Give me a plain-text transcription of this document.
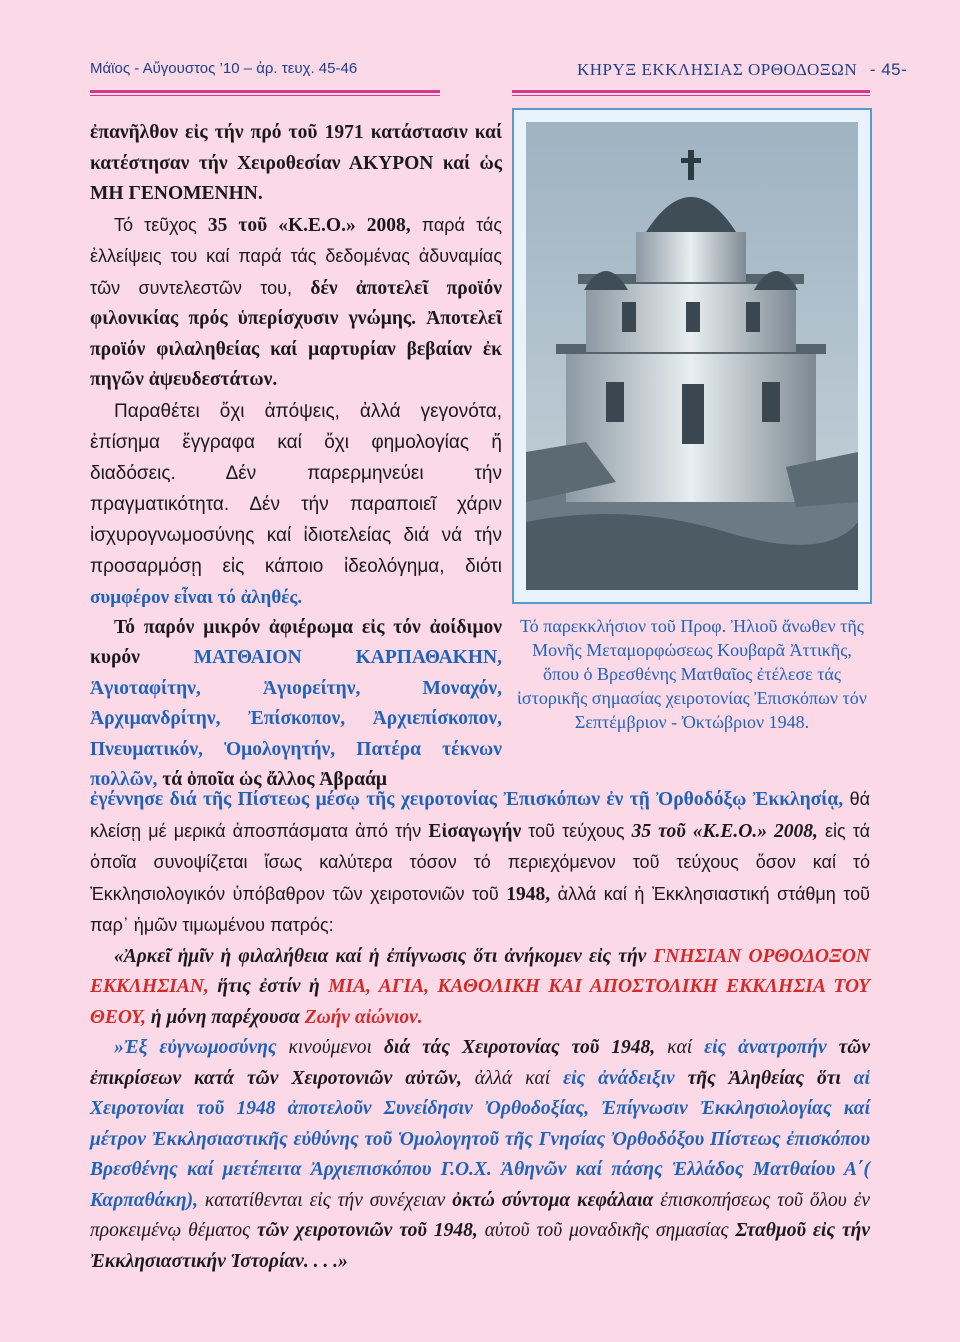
Μάϊος - Αὔγουστος ’10 – ἀρ. τευχ. 45-46	ΚΗΡΥΞ ΕΚΚΛΗΣΙΑΣ ΟΡΘΟΔΟΞΩΝ - 45-

ἐπανῆλθον εἰς τήν πρό τοῦ 1971 κατάστασιν καί κατέστησαν τήν Χειροθεσίαν ΑΚΥΡΟΝ καί ὡς ΜΗ ΓΕΝΟΜΕΝΗΝ.

Τό τεῦχος 35 τοῦ «Κ.Ε.Ο.» 2008, παρά τάς ἐλλείψεις του καί παρά τάς δεδομένας ἀδυναμίας τῶν συντελεστῶν του, δέν ἀποτελεῖ προϊόν φιλονικίας πρός ὑπερίσχυσιν γνώμης. Ἀποτελεῖ προϊόν φιλαληθείας καί μαρτυρίαν βεβαίαν ἐκ πηγῶν ἀψευδεστάτων.

Παραθέτει ὄχι ἀπόψεις, ἀλλά γεγονότα, ἐπίσημα ἔγγραφα καί ὄχι φημολογίας ἤ διαδόσεις. Δέν παρερμηνεύει τήν πραγματικότητα. Δέν τήν παραποιεῖ χάριν ἰσχυρογνωμοσύνης καί ἰδιοτελείας διά νά τήν προσαρμόσῃ εἰς κάποιο ἰδεολόγημα, διότι συμφέρον εἶναι τό ἀληθές.

Τό παρόν μικρόν ἀφιέρωμα εἰς τόν ἀοίδιμον κυρόν ΜΑΤΘΑΙΟΝ ΚΑΡΠΑΘΑΚΗΝ, Ἁγιοταφίτην, Ἁγιορείτην, Μοναχόν, Ἀρχιμανδρίτην, Ἐπίσκοπον, Ἀρχιεπίσκοπον, Πνευματικόν, Ὁμολογητήν, Πατέρα τέκνων πολλῶν, τά ὁποῖα ὡς ἄλλος Ἀβραάμ

Τό παρεκκλήσιον τοῦ Προφ. Ἠλιοῦ ἄνωθεν τῆς Μονῆς Μεταμορφώσεως Κουβαρᾶ Ἀττικῆς, ὅπου ὁ Βρεσθένης Ματθαῖος ἐτέλεσε τάς ἱστορικῆς σημασίας χειροτονίας Ἐπισκόπων τόν Σεπτέμβριον - Ὀκτώβριον 1948.

ἐγέννησε διά τῆς Πίστεως μέσῳ τῆς χειροτονίας Ἐπισκόπων ἐν τῇ Ὀρθοδόξῳ Ἐκκλησίᾳ, θά κλείσῃ μέ μερικά ἀποσπάσματα ἀπό τήν Εἰσαγωγήν τοῦ τεύχους 35 τοῦ «Κ.Ε.Ο.» 2008, εἰς τά ὁποῖα συνοψίζεται ἴσως καλύτερα τόσον τό περιεχόμενον τοῦ τεύχους ὅσον καί τό Ἐκκλησιολογικόν ὑπόβαθρον τῶν χειροτονιῶν τοῦ 1948, ἀλλά καί ἡ Ἐκκλησιαστική στάθμη τοῦ παρ᾽ ἡμῶν τιμωμένου πατρός:

«Ἀρκεῖ ἡμῖν ἡ φιλαλήθεια καί ἡ ἐπίγνωσις ὅτι ἀνήκομεν εἰς τήν ΓΝΗΣΙΑΝ ΟΡΘΟΔΟΞΟΝ ΕΚΚΛΗΣΙΑΝ, ἥτις ἐστίν ἡ ΜΙΑ, ΑΓΙΑ, ΚΑΘΟΛΙΚΗ ΚΑΙ ΑΠΟΣΤΟΛΙΚΗ ΕΚΚΛΗΣΙΑ ΤΟΥ ΘΕΟΥ, ἡ μόνη παρέχουσα Ζωήν αἰώνιον.

»Ἐξ εὐγνωμοσύνης κινούμενοι διά τάς Χειροτονίας τοῦ 1948, καί εἰς ἀνατροπήν τῶν ἐπικρίσεων κατά τῶν Χειροτονιῶν αὐτῶν, ἀλλά καί εἰς ἀνάδειξιν τῆς Ἀληθείας ὅτι αἱ Χειροτονίαι τοῦ 1948 ἀποτελοῦν Συνείδησιν Ὀρθοδοξίας, Ἐπίγνωσιν Ἐκκλησιολογίας καί μέτρον Ἐκκλησιαστικῆς εὐθύνης τοῦ Ὁμολογητοῦ τῆς Γνησίας Ὀρθοδόξου Πίστεως ἐπισκόπου Βρεσθένης καί μετέπειτα Ἀρχιεπισκόπου Γ.Ο.Χ. Ἀθηνῶν καί πάσης Ἑλλάδος Ματθαίου Α΄( Καρπαθάκη), κατατίθενται εἰς τήν συνέχειαν ὀκτώ σύντομα κεφάλαια ἐπισκοπήσεως τοῦ ὅλου ἐν προκειμένῳ θέματος τῶν χειροτονιῶν τοῦ 1948, αὐτοῦ τοῦ μοναδικῆς σημασίας Σταθμοῦ εἰς τήν Ἐκκλησιαστικήν Ἱστορίαν. . . .»
